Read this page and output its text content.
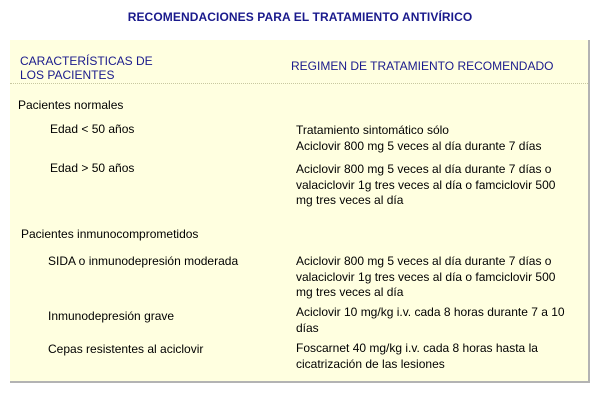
RECOMENDACIONES PARA EL TRATAMIENTO ANTIVÍRICO
CARACTERÍSTICAS DE
LOS PACIENTES
REGIMEN DE TRATAMIENTO RECOMENDADO
Pacientes normales
Edad < 50 años	Tratamiento sintomático sólo
Aciclovir 800 mg 5 veces al día durante 7 días
Edad > 50 años	Aciclovir 800 mg 5 veces al día durante 7 días o
valaciclovir 1g tres veces al día o famciclovir 500
mg tres veces al día
Pacientes inmunocomprometidos
SIDA o inmunodepresión moderada	Aciclovir 800 mg 5 veces al día durante 7 días o
valaciclovir 1g tres veces al día o famciclovir 500
mg tres veces al día
Inmunodepresión grave	Aciclovir 10 mg/kg i.v. cada 8 horas durante 7 a 10
días
Cepas resistentes al aciclovir	Foscarnet 40 mg/kg i.v. cada 8 horas hasta la
cicatrización de las lesiones
